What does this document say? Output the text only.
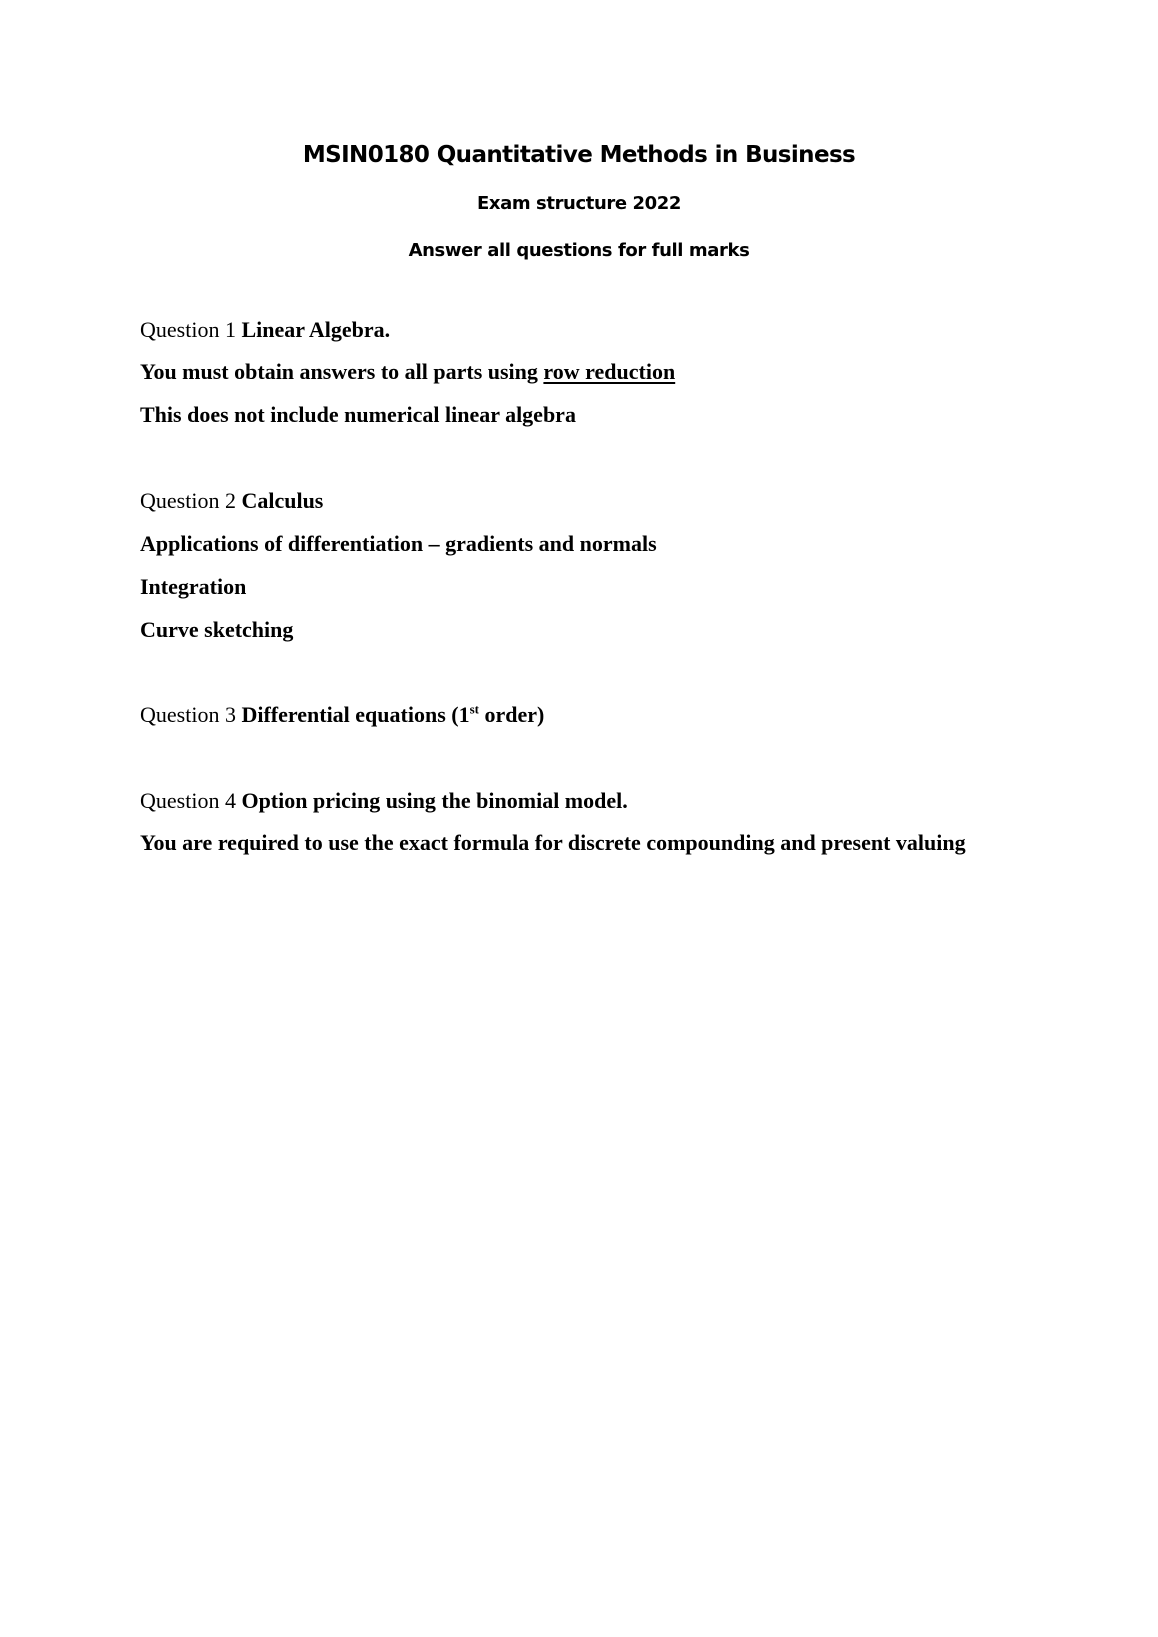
MSIN0180 Quantitative Methods in Business
Exam structure 2022
Answer all questions for full marks
Question 1 Linear Algebra.
You must obtain answers to all parts using row reduction
This does not include numerical linear algebra
Question 2 Calculus
Applications of differentiation – gradients and normals
Integration
Curve sketching
Question 3 Differential equations (1st order)
Question 4 Option pricing using the binomial model.
You are required to use the exact formula for discrete compounding and present valuing
